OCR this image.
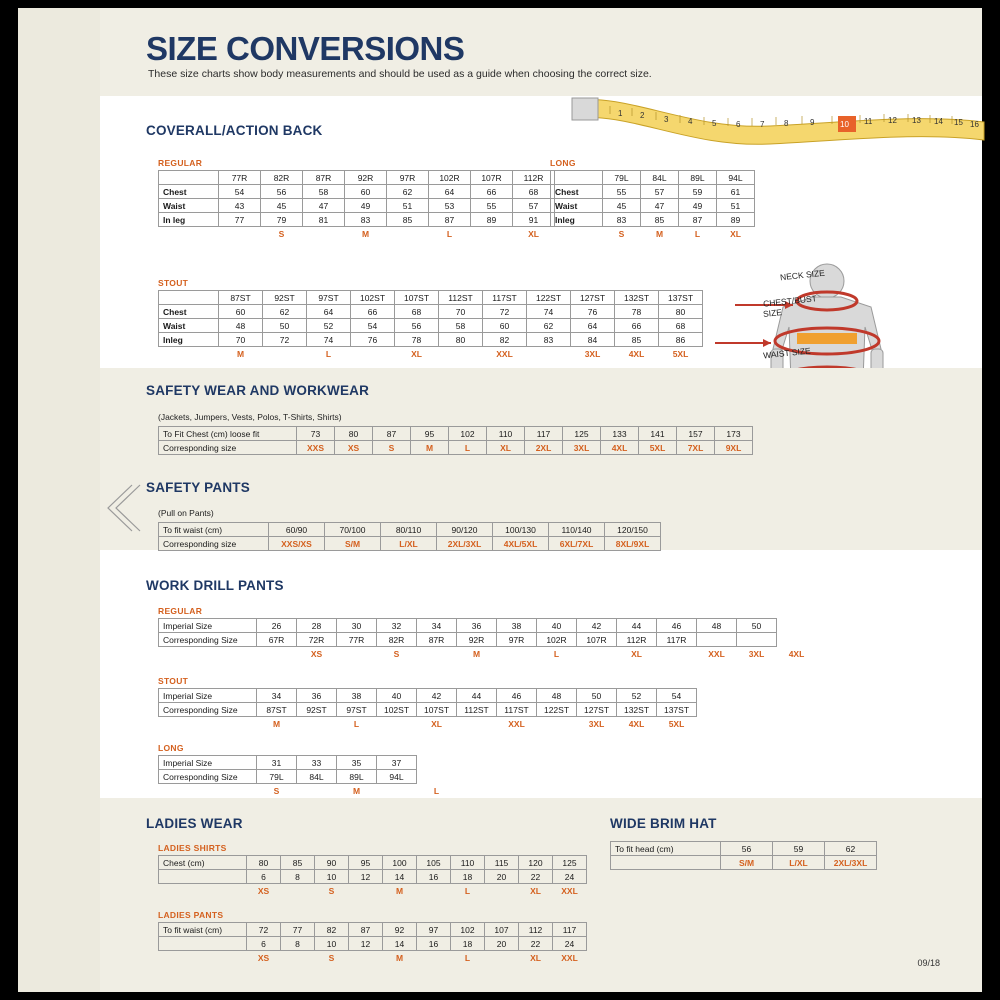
SIZE CONVERSIONS
These size charts show body measurements and should be used as a guide when choosing the correct size.
1 2 3 4 5 6 7 8	9	10 11 12 13 14 15 16
COVERALL/ACTION BACK
REGULAR
	77R	82R	87R	92R	97R	102R	107R	112R
Chest	54	56	58	60	62	64	66	68
Waist	43	45	47	49	51	53	55	57
In leg	77	79	81	83	85	87	89	91
		S		M		L		XL
LONG
	79L	84L	89L	94L
Chest	55	57	59	61
Waist	45	47	49	51
Inleg	83	85	87	89
	S	M	L	XL
STOUT
	87ST	92ST	97ST	102ST	107ST	112ST	117ST	122ST	127ST	132ST	137ST
Chest	60	62	64	66	68	70	72	74	76	78	80
Waist	48	50	52	54	56	58	60	62	64	66	68
Inleg	70	72	74	76	78	80	82	83	84	85	86
	M		L		XL		XXL		3XL	4XL	5XL
NECK SIZE
CHEST/BUST
SIZE
WAIST SIZE
SAFETY WEAR AND WORKWEAR
(Jackets, Jumpers, Vests, Polos, T-Shirts, Shirts)
To Fit Chest (cm) loose fit	73	80	87	95	102	110	117	125	133	141	157	173
Corresponding size	XXS	XS	S	M	L	XL	2XL	3XL	4XL	5XL	7XL	9XL
SAFETY PANTS
(Pull on Pants)
To fit waist (cm)	60/90	70/100	80/110	90/120	100/130	110/140	120/150
Corresponding size	XXS/XS	S/M	L/XL	2XL/3XL	4XL/5XL	6XL/7XL	8XL/9XL
WORK DRILL PANTS
REGULAR
Imperial Size	26	28	30	32	34	36	38	40	42	44	46	48	50	
Corresponding Size	67R	72R	77R	82R	87R	92R	97R	102R	107R	112R	117R			
		XS		S		M		L		XL		XXL	3XL	4XL
STOUT
Imperial Size	34	36	38	40	42	44	46	48	50	52	54
Corresponding Size	87ST	92ST	97ST	102ST	107ST	112ST	117ST	122ST	127ST	132ST	137ST
	M		L		XL		XXL		3XL	4XL	5XL
LONG
Imperial Size	31	33	35	37	
Corresponding Size	79L	84L	89L	94L	
	S		M		L
LADIES WEAR
LADIES SHIRTS
Chest (cm)	80	85	90	95	100	105	110	115	120	125
	6	8	10	12	14	16	18	20	22	24
	XS		S		M		L		XL	XXL
LADIES PANTS
To fit waist (cm)	72	77	82	87	92	97	102	107	112	117
	6	8	10	12	14	16	18	20	22	24
	XS		S		M		L		XL	XXL
WIDE BRIM HAT
To fit head (cm)	56	59	62
	S/M	L/XL	2XL/3XL
09/18
